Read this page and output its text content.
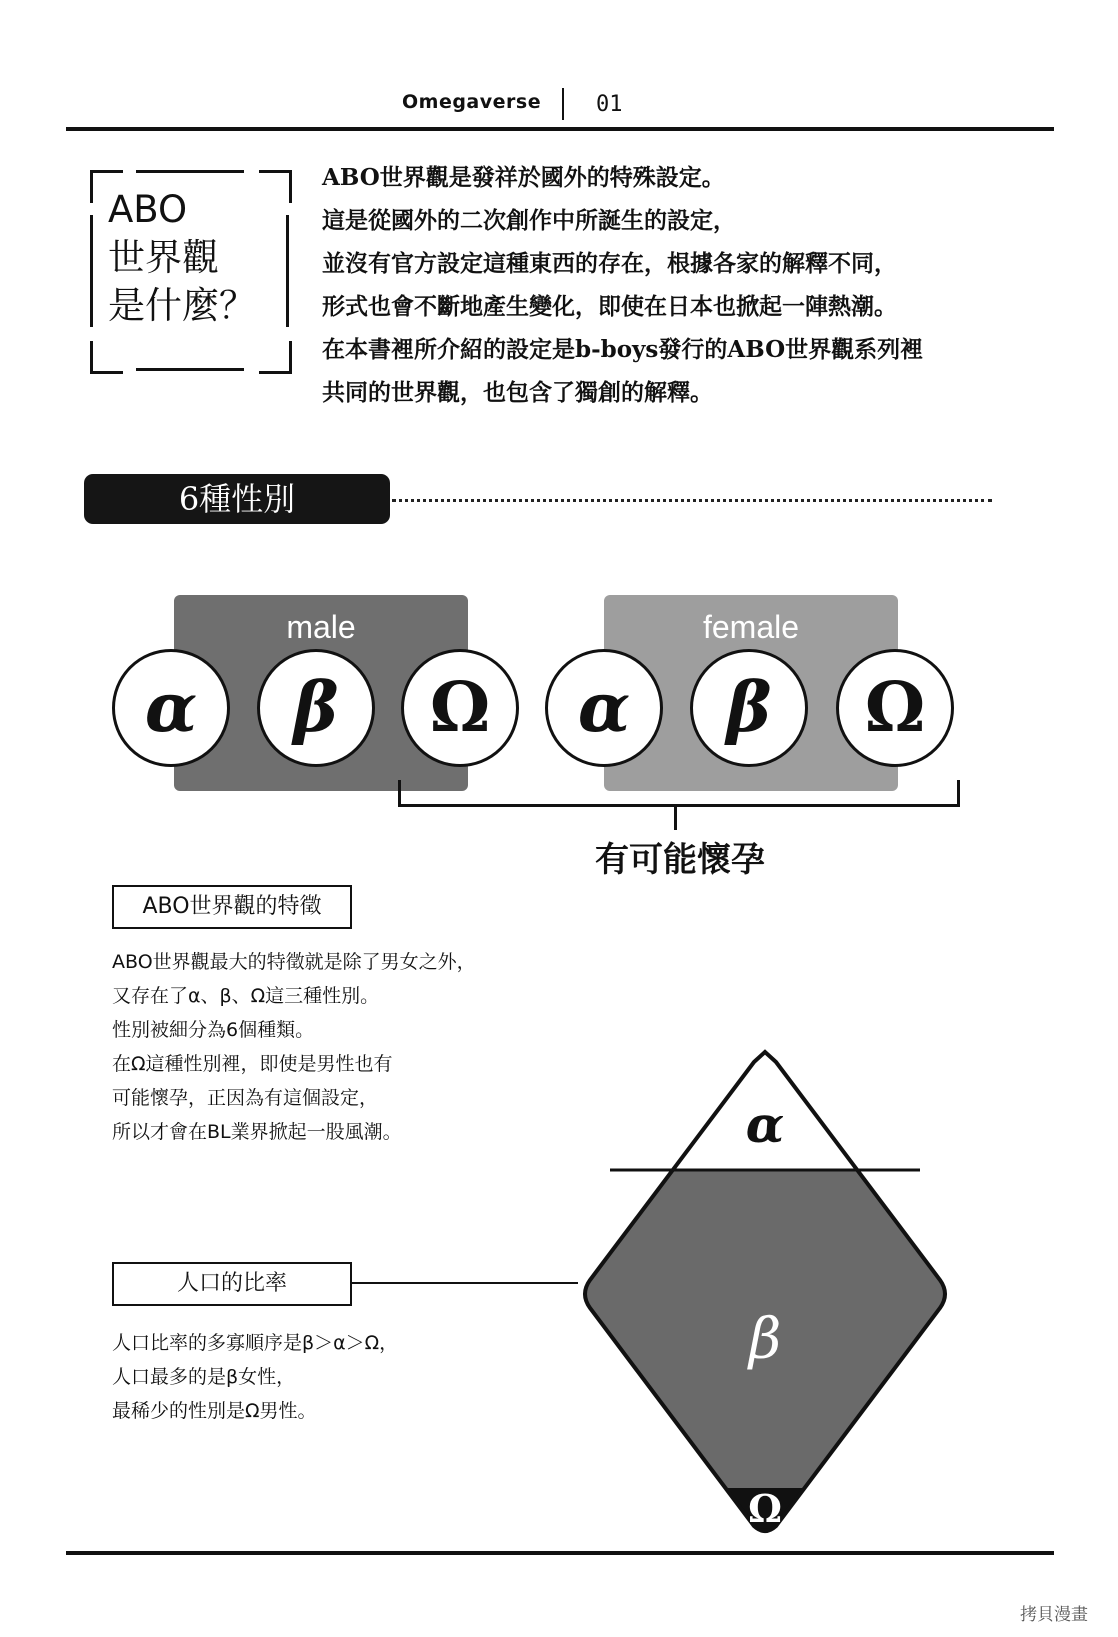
Omegaverse 01
ABO
世界觀
是什麼？
ABO世界觀是發祥於國外的特殊設定。
這是從國外的二次創作中所誕生的設定，
並沒有官方設定這種東西的存在，根據各家的解釋不同，
形式也會不斷地產生變化，即使在日本也掀起一陣熱潮。
在本書裡所介紹的設定是b-boys發行的ABO世界觀系列裡
共同的世界觀，也包含了獨創的解釋。
6種性別
male	female
α	β	Ω	α	β	Ω
有可能懷孕
ABO世界觀的特徵
ABO世界觀最大的特徵就是除了男女之外，
又存在了α、β、Ω這三種性別。
性別被細分為6個種類。
在Ω這種性別裡，即使是男性也有
可能懷孕，正因為有這個設定，
所以才會在BL業界掀起一股風潮。
人口的比率
人口比率的多寡順序是β＞α＞Ω，
人口最多的是β女性，
最稀少的性別是Ω男性。
α
β
Ω
拷貝漫畫
